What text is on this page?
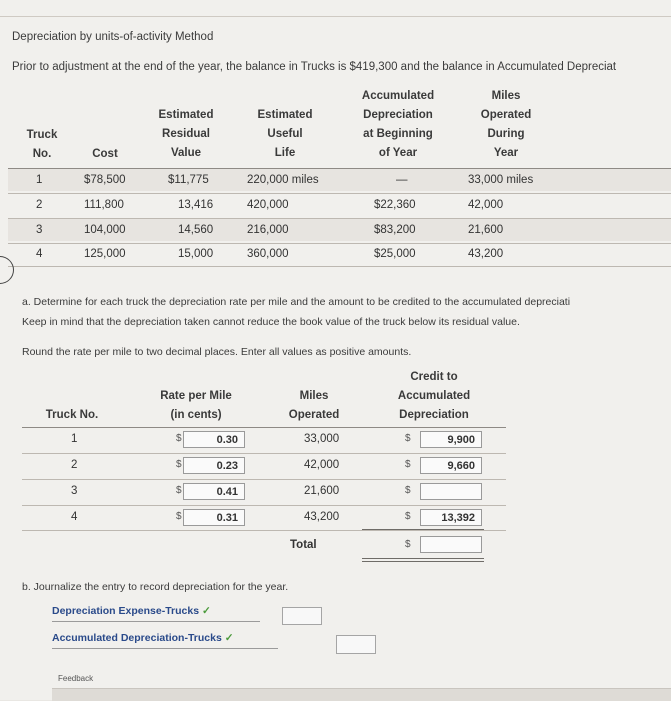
Depreciation by units-of-activity Method
Prior to adjustment at the end of the year, the balance in Trucks is $419,300 and the balance in Accumulated Depreciat
Truck
No.	Cost
Estimated
Residual
Value
Estimated
Useful
Life
Accumulated
Depreciation
at Beginning
of Year
Miles
Operated
During
Year
1	$78,500	$11,775	220,000 miles	—	33,000 miles
2	111,800	13,416	420,000	$22,360	42,000
3	104,000	14,560	216,000	$83,200	21,600
4	125,000	15,000	360,000	$25,000	43,200
a. Determine for each truck the depreciation rate per mile and the amount to be credited to the accumulated depreciati
Keep in mind that the depreciation taken cannot reduce the book value of the truck below its residual value.
Round the rate per mile to two decimal places. Enter all values as positive amounts.
Truck No.
Rate per Mile
(in cents)
Miles
Operated
Credit to
Accumulated
Depreciation
1	$	0.30	33,000	$	9,900
2	$	0.23	42,000	$	9,660
3	$	0.41	21,600	$
4	$	0.31	43,200	$	13,392
Total	$
b. Journalize the entry to record depreciation for the year.
Depreciation Expense-Trucks ✓
Accumulated Depreciation-Trucks ✓
Feedback
